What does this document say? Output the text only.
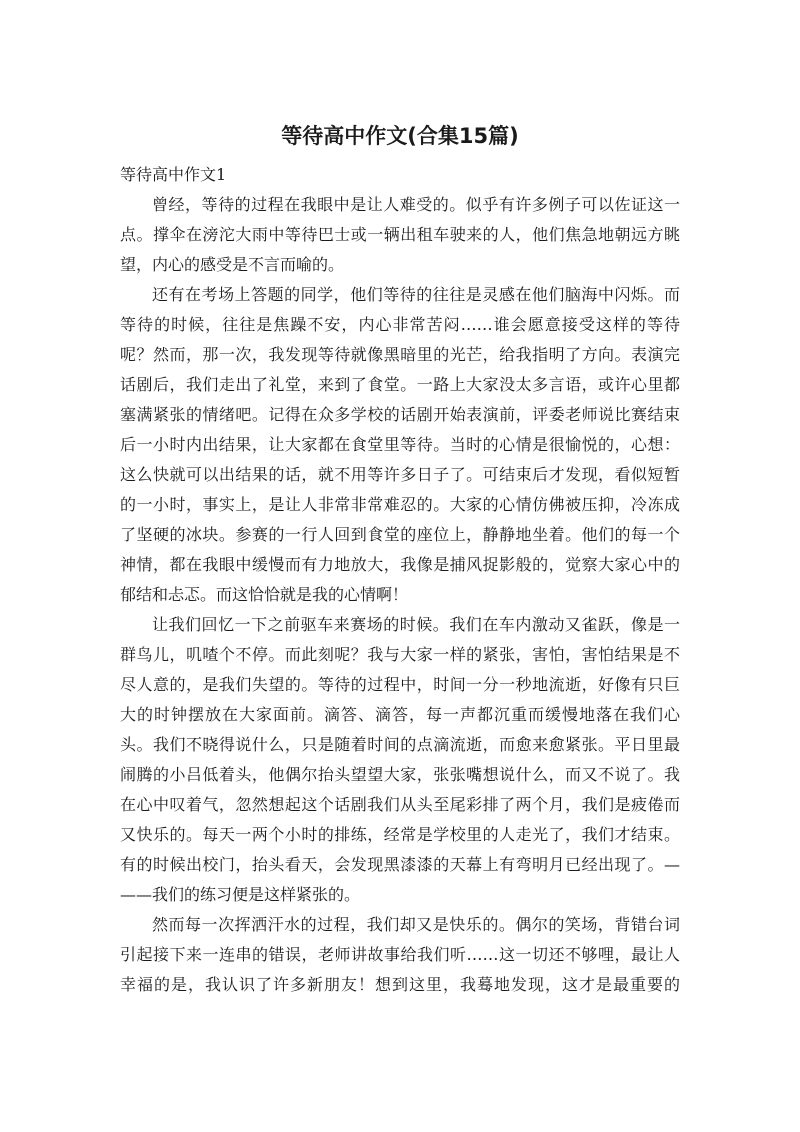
等待高中作文(合集15篇)

等待高中作文1

曾经，等待的过程在我眼中是让人难受的。似乎有许多例子可以佐证这一
点。撑伞在滂沱大雨中等待巴士或一辆出租车驶来的人，他们焦急地朝远方眺
望，内心的感受是不言而喻的。
还有在考场上答题的同学，他们等待的往往是灵感在他们脑海中闪烁。而
等待的时候，往往是焦躁不安，内心非常苦闷……谁会愿意接受这样的等待
呢？然而，那一次，我发现等待就像黑暗里的光芒，给我指明了方向。表演完
话剧后，我们走出了礼堂，来到了食堂。一路上大家没太多言语，或许心里都
塞满紧张的情绪吧。记得在众多学校的话剧开始表演前，评委老师说比赛结束
后一小时内出结果，让大家都在食堂里等待。当时的心情是很愉悦的，心想：
这么快就可以出结果的话，就不用等许多日子了。可结束后才发现，看似短暂
的一小时，事实上，是让人非常非常难忍的。大家的心情仿佛被压抑，冷冻成
了坚硬的冰块。参赛的一行人回到食堂的座位上，静静地坐着。他们的每一个
神情，都在我眼中缓慢而有力地放大，我像是捕风捉影般的，觉察大家心中的
郁结和忐忑。而这恰恰就是我的心情啊！
让我们回忆一下之前驱车来赛场的时候。我们在车内激动又雀跃，像是一
群鸟儿，叽喳个不停。而此刻呢？我与大家一样的紧张，害怕，害怕结果是不
尽人意的，是我们失望的。等待的过程中，时间一分一秒地流逝，好像有只巨
大的时钟摆放在大家面前。滴答、滴答，每一声都沉重而缓慢地落在我们心
头。我们不晓得说什么，只是随着时间的点滴流逝，而愈来愈紧张。平日里最
闹腾的小吕低着头，他偶尔抬头望望大家，张张嘴想说什么，而又不说了。我
在心中叹着气，忽然想起这个话剧我们从头至尾彩排了两个月，我们是疲倦而
又快乐的。每天一两个小时的排练，经常是学校里的人走光了，我们才结束。
有的时候出校门，抬头看天，会发现黑漆漆的天幕上有弯明月已经出现了。—
——我们的练习便是这样紧张的。
然而每一次挥洒汗水的过程，我们却又是快乐的。偶尔的笑场，背错台词
引起接下来一连串的错误，老师讲故事给我们听……这一切还不够哩，最让人
幸福的是，我认识了许多新朋友！想到这里，我蓦地发现，这才是最重要的
